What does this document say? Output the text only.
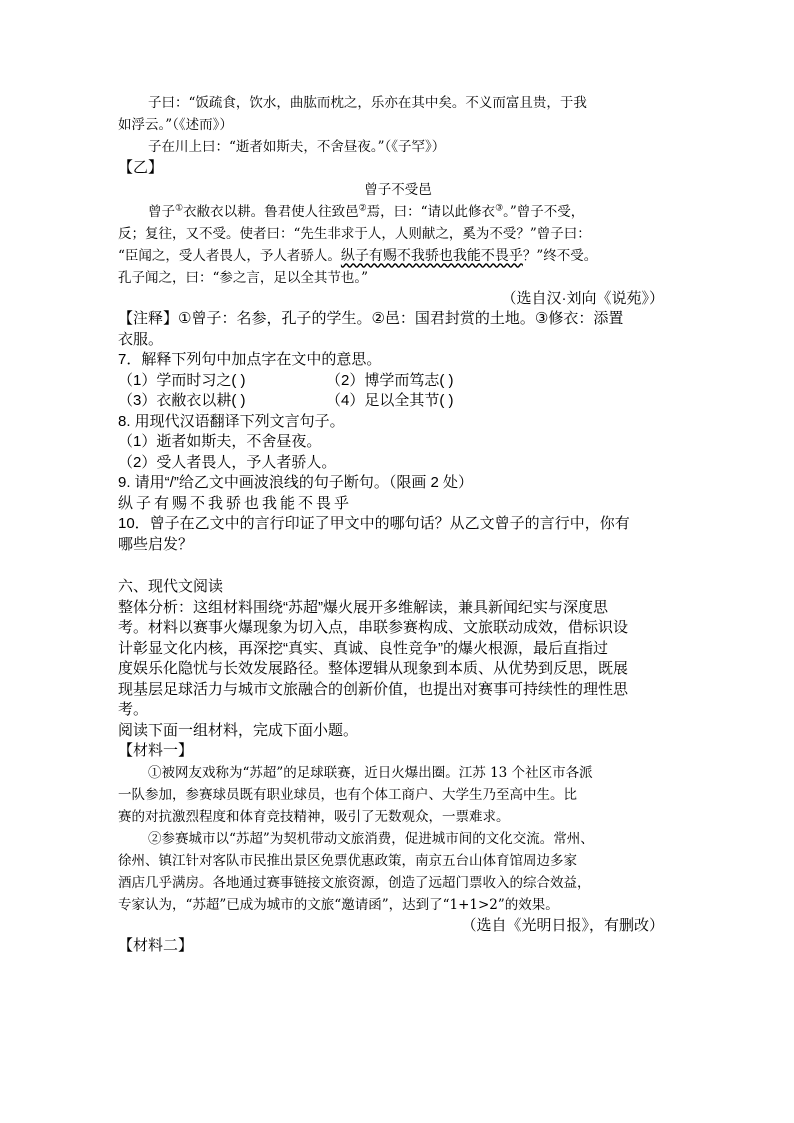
子曰：“饭疏食，饮水，曲肱而枕之，乐亦在其中矣。不义而富且贵，于我
如浮云。”（《述而》）
子在川上曰：“逝者如斯夫，不舍昼夜。”（《子罕》）
【乙】
曾子不受邑
曾子①衣敝衣以耕。鲁君使人往致邑②焉，曰：“请以此修衣③。”曾子不受，
反；复往，又不受。使者曰：“先生非求于人，人则献之，奚为不受？”曾子曰：
“臣闻之，受人者畏人，予人者骄人。纵子有赐不我骄也我能不畏乎？”终不受。
孔子闻之，曰：“参之言，足以全其节也。”
（选自汉·刘向《说苑》）
【注释】①曾子：名参，孔子的学生。②邑：国君封赏的土地。③修衣：添置
衣服。
7．解释下列句中加点字在文中的意思。
（1）学而时习之( )	（2）博学而笃志( )
（3）衣敝衣以耕( )	（4）足以全其节( )
8. 用现代汉语翻译下列文言句子。
（1）逝者如斯夫，不舍昼夜。
（2）受人者畏人，予人者骄人。
9. 请用“/”给乙文中画波浪线的句子断句。（限画 2 处）
纵子有赐不我骄也我能不畏乎
10．曾子在乙文中的言行印证了甲文中的哪句话？从乙文曾子的言行中，你有
哪些启发？
六、现代文阅读
整体分析：这组材料围绕“苏超”爆火展开多维解读，兼具新闻纪实与深度思
考。材料以赛事火爆现象为切入点，串联参赛构成、文旅联动成效，借标识设
计彰显文化内核，再深挖“真实、真诚、良性竞争”的爆火根源，最后直指过
度娱乐化隐忧与长效发展路径。整体逻辑从现象到本质、从优势到反思，既展
现基层足球活力与城市文旅融合的创新价值，也提出对赛事可持续性的理性思
考。
阅读下面一组材料，完成下面小题。
【材料一】
①被网友戏称为“苏超”的足球联赛，近日火爆出圈。江苏 13 个社区市各派
一队参加，参赛球员既有职业球员，也有个体工商户、大学生乃至高中生。比
赛的对抗激烈程度和体育竞技精神，吸引了无数观众，一票难求。
②参赛城市以“苏超”为契机带动文旅消费，促进城市间的文化交流。常州、
徐州、镇江针对客队市民推出景区免票优惠政策，南京五台山体育馆周边多家
酒店几乎满房。各地通过赛事链接文旅资源，创造了远超门票收入的综合效益，
专家认为，“苏超”已成为城市的文旅“邀请函”，达到了“1+1>2”的效果。
（选自《光明日报》，有删改）
【材料二】
